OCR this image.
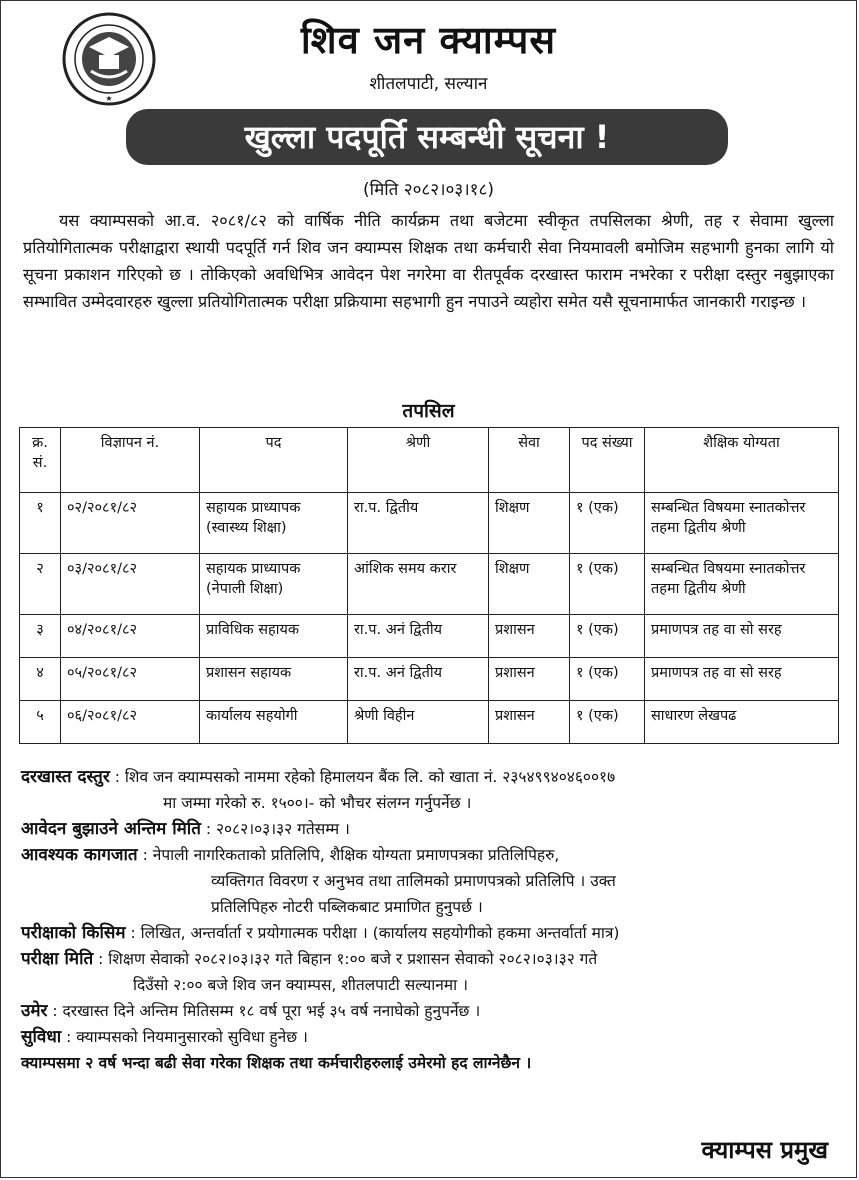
★
शिव जन क्याम्पस
शीतलपाटी, सल्यान
खुल्ला पदपूर्ति सम्बन्धी सूचना !
(मिति २०८२।०३।१८)
यस क्याम्पसको आ.व. २०८१/८२ को वार्षिक नीति कार्यक्रम तथा बजेटमा स्वीकृत तपसिलका श्रेणी, तह र सेवामा खुल्ला प्रतियोगितात्मक परीक्षाद्वारा स्थायी पदपूर्ति गर्न शिव जन क्याम्पस शिक्षक तथा कर्मचारी सेवा नियमावली बमोजिम सहभागी हुनका लागि यो सूचना प्रकाशन गरिएको छ । तोकिएको अवधिभित्र आवेदन पेश नगरेमा वा रीतपूर्वक दरखास्त फाराम नभरेका र परीक्षा दस्तुर नबुझाएका सम्भावित उम्मेदवारहरु खुल्ला प्रतियोगितात्मक परीक्षा प्रक्रियामा सहभागी हुन नपाउने व्यहोरा समेत यसै सूचनामार्फत जानकारी गराइन्छ ।
तपसिल
क्र. सं.	विज्ञापन नं.	पद	श्रेणी	सेवा	पद संख्या	शैक्षिक योग्यता
१	०२/२०८१/८२	सहायक प्राध्यापक (स्वास्थ्य शिक्षा)	रा.प. द्वितीय	शिक्षण	१ (एक)	सम्बन्धित विषयमा स्नातकोत्तर तहमा द्वितीय श्रेणी
२	०३/२०८१/८२	सहायक प्राध्यापक (नेपाली शिक्षा)	आंशिक समय करार	शिक्षण	१ (एक)	सम्बन्धित विषयमा स्नातकोत्तर तहमा द्वितीय श्रेणी
३	०४/२०८१/८२	प्राविधिक सहायक	रा.प. अनं द्वितीय	प्रशासन	१ (एक)	प्रमाणपत्र तह वा सो सरह
४	०५/२०८१/८२	प्रशासन सहायक	रा.प. अनं द्वितीय	प्रशासन	१ (एक)	प्रमाणपत्र तह वा सो सरह
५	०६/२०८१/८२	कार्यालय सहयोगी	श्रेणी विहीन	प्रशासन	१ (एक)	साधारण लेखपढ

दरखास्त दस्तुर : शिव जन क्याम्पसको नाममा रहेको हिमालयन बैंक लि. को खाता नं. २३५४९९४०४६००१७

मा जम्मा गरेको रु. १५००।- को भौचर संलग्न गर्नुपर्नेछ ।

आवेदन बुझाउने अन्तिम मिति : २०८२।०३।३२ गतेसम्म ।

आवश्यक कागजात : नेपाली नागरिकताको प्रतिलिपि, शैक्षिक योग्यता प्रमाणपत्रका प्रतिलिपिहरु,

व्यक्तिगत विवरण र अनुभव तथा तालिमको प्रमाणपत्रको प्रतिलिपि । उक्त

प्रतिलिपिहरु नोटरी पब्लिकबाट प्रमाणित हुनुपर्छ ।

परीक्षाको किसिम : लिखित, अन्तर्वार्ता र प्रयोगात्मक परीक्षा । (कार्यालय सहयोगीको हकमा अन्तर्वार्ता मात्र)

परीक्षा मिति : शिक्षण सेवाको २०८२।०३।३२ गते बिहान १:०० बजे र प्रशासन सेवाको २०८२।०३।३२ गते

दिउँसो २:०० बजे शिव जन क्याम्पस, शीतलपाटी सल्यानमा ।

उमेर : दरखास्त दिने अन्तिम मितिसम्म १८ वर्ष पूरा भई ३५ वर्ष ननाघेको हुनुपर्नेछ ।

सुविधा : क्याम्पसको नियमानुसारको सुविधा हुनेछ ।

क्याम्पसमा २ वर्ष भन्दा बढी सेवा गरेका शिक्षक तथा कर्मचारीहरुलाई उमेरमो हद लाग्नेछैन ।

क्याम्पस प्रमुख
